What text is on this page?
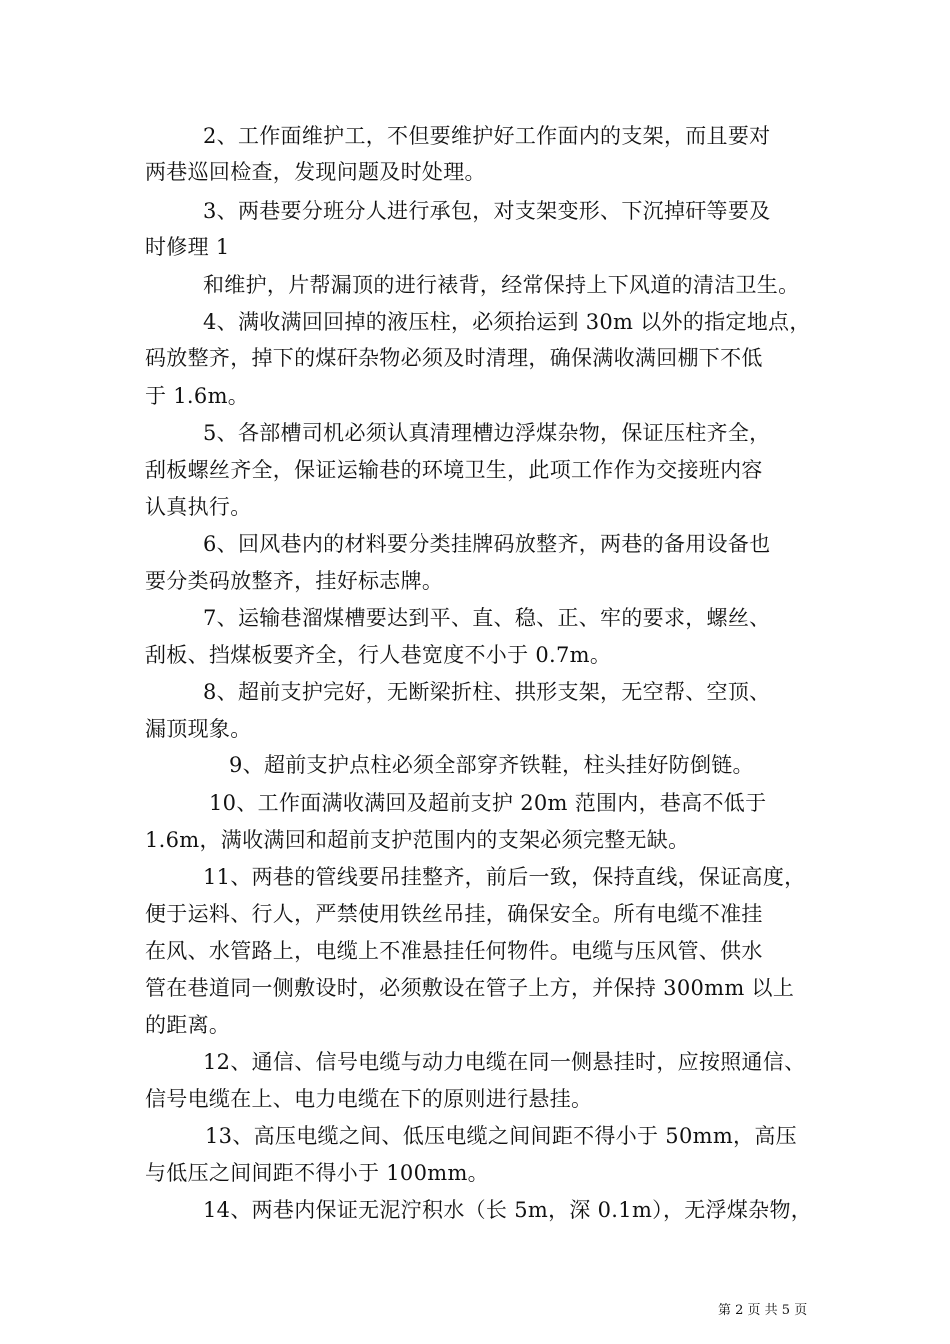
2、工作面维护工，不但要维护好工作面内的支架，而且要对
两巷巡回检查，发现问题及时处理。
3、两巷要分班分人进行承包，对支架变形、下沉掉矸等要及
时修理 1
和维护，片帮漏顶的进行裱背，经常保持上下风道的清洁卫生。
4、满收满回回掉的液压柱，必须抬运到 30m 以外的指定地点，
码放整齐，掉下的煤矸杂物必须及时清理，确保满收满回棚下不低
于 1.6m。
5、各部槽司机必须认真清理槽边浮煤杂物，保证压柱齐全，
刮板螺丝齐全，保证运输巷的环境卫生，此项工作作为交接班内容
认真执行。
6、回风巷内的材料要分类挂牌码放整齐，两巷的备用设备也
要分类码放整齐，挂好标志牌。
7、运输巷溜煤槽要达到平、直、稳、正、牢的要求，螺丝、
刮板、挡煤板要齐全，行人巷宽度不小于 0.7m。
8、超前支护完好，无断梁折柱、拱形支架，无空帮、空顶、
漏顶现象。
9、超前支护点柱必须全部穿齐铁鞋，柱头挂好防倒链。
10、工作面满收满回及超前支护 20m 范围内，巷高不低于
1.6m，满收满回和超前支护范围内的支架必须完整无缺。
11、两巷的管线要吊挂整齐，前后一致，保持直线，保证高度，
便于运料、行人，严禁使用铁丝吊挂，确保安全。所有电缆不准挂
在风、水管路上，电缆上不准悬挂任何物件。电缆与压风管、供水
管在巷道同一侧敷设时，必须敷设在管子上方，并保持 300mm 以上
的距离。
12、通信、信号电缆与动力电缆在同一侧悬挂时，应按照通信、
信号电缆在上、电力电缆在下的原则进行悬挂。
13、高压电缆之间、低压电缆之间间距不得小于 50mm，高压
与低压之间间距不得小于 100mm。
14、两巷内保证无泥泞积水（长 5m，深 0.1m），无浮煤杂物，
第 2 页 共 5 页
